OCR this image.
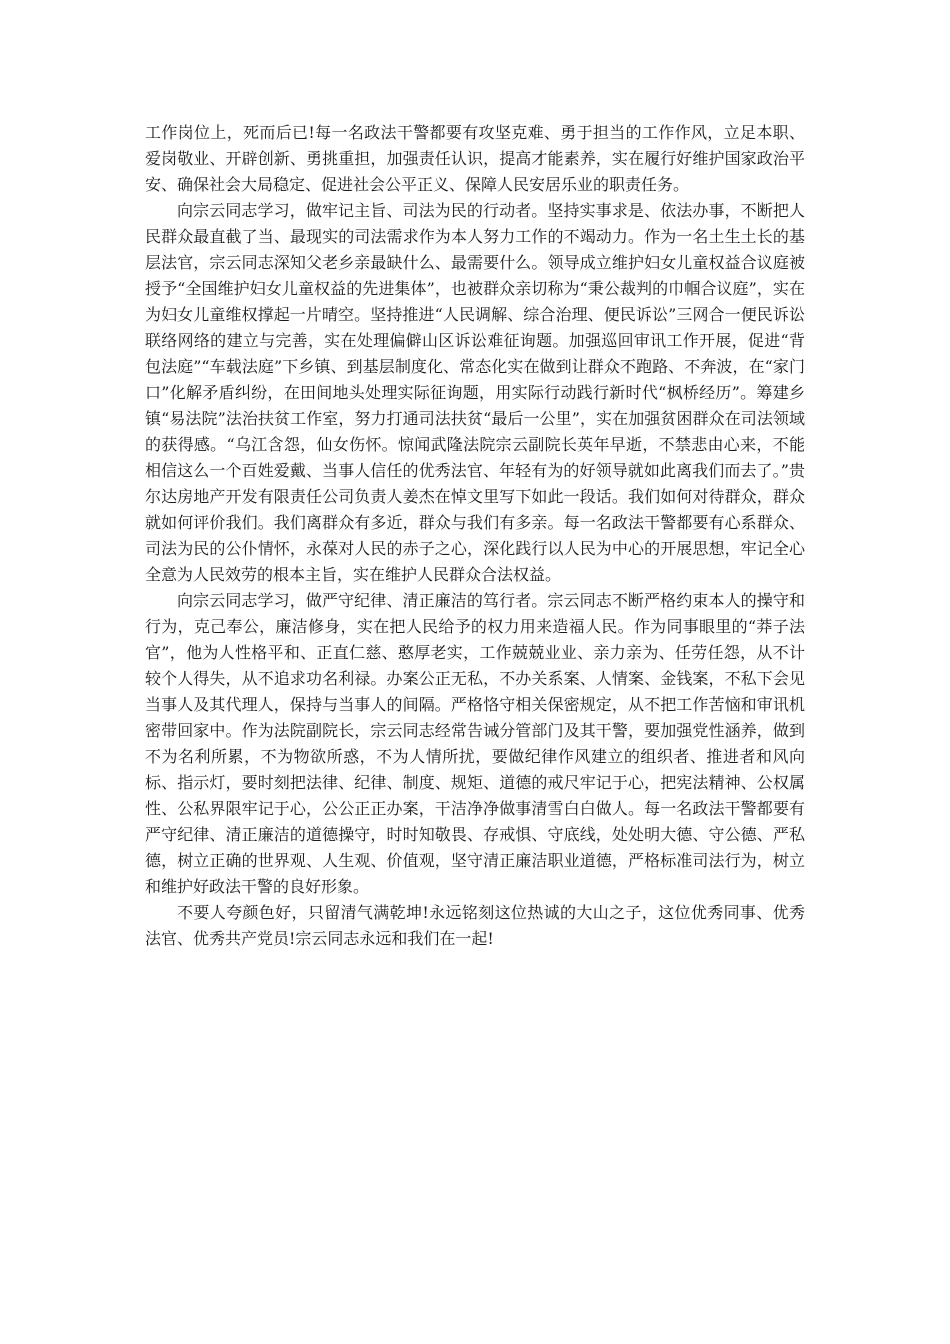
工作岗位上，死而后已!每一名政法干警都要有攻坚克难、勇于担当的工作作风，立足本职、爱岗敬业、开辟创新、勇挑重担，加强责任认识，提高才能素养，实在履行好维护国家政治平安、确保社会大局稳定、促进社会公平正义、保障人民安居乐业的职责任务。

向宗云同志学习，做牢记主旨、司法为民的行动者。坚持实事求是、依法办事，不断把人民群众最直截了当、最现实的司法需求作为本人努力工作的不竭动力。作为一名土生土长的基层法官，宗云同志深知父老乡亲最缺什么、最需要什么。领导成立维护妇女儿童权益合议庭被授予“全国维护妇女儿童权益的先进集体”，也被群众亲切称为“秉公裁判的巾帼合议庭”，实在为妇女儿童维权撑起一片晴空。坚持推进“人民调解、综合治理、便民诉讼”三网合一便民诉讼联络网络的建立与完善，实在处理偏僻山区诉讼难征询题。加强巡回审讯工作开展，促进“背包法庭”“车载法庭”下乡镇、到基层制度化、常态化实在做到让群众不跑路、不奔波，在“家门口”化解矛盾纠纷，在田间地头处理实际征询题，用实际行动践行新时代“枫桥经历”。筹建乡镇“易法院”法治扶贫工作室，努力打通司法扶贫“最后一公里”，实在加强贫困群众在司法领域的获得感。“乌江含怨，仙女伤怀。惊闻武隆法院宗云副院长英年早逝，不禁悲由心来，不能相信这么一个百姓爱戴、当事人信任的优秀法官、年轻有为的好领导就如此离我们而去了。”贵尔达房地产开发有限责任公司负责人姜杰在悼文里写下如此一段话。我们如何对待群众，群众就如何评价我们。我们离群众有多近，群众与我们有多亲。每一名政法干警都要有心系群众、司法为民的公仆情怀，永葆对人民的赤子之心，深化践行以人民为中心的开展思想，牢记全心全意为人民效劳的根本主旨，实在维护人民群众合法权益。

向宗云同志学习，做严守纪律、清正廉洁的笃行者。宗云同志不断严格约束本人的操守和行为，克己奉公，廉洁修身，实在把人民给予的权力用来造福人民。作为同事眼里的“莽子法官”，他为人性格平和、正直仁慈、憨厚老实，工作兢兢业业、亲力亲为、任劳任怨，从不计较个人得失，从不追求功名利禄。办案公正无私，不办关系案、人情案、金钱案，不私下会见当事人及其代理人，保持与当事人的间隔。严格恪守相关保密规定，从不把工作苦恼和审讯机密带回家中。作为法院副院长，宗云同志经常告诫分管部门及其干警，要加强党性涵养，做到不为名利所累，不为物欲所惑，不为人情所扰，要做纪律作风建立的组织者、推进者和风向标、指示灯，要时刻把法律、纪律、制度、规矩、道德的戒尺牢记于心，把宪法精神、公权属性、公私界限牢记于心，公公正正办案，干洁净净做事清雪白白做人。每一名政法干警都要有严守纪律、清正廉洁的道德操守，时时知敬畏、存戒惧、守底线，处处明大德、守公德、严私德，树立正确的世界观、人生观、价值观，坚守清正廉洁职业道德，严格标准司法行为，树立和维护好政法干警的良好形象。

不要人夸颜色好，只留清气满乾坤!永远铭刻这位热诚的大山之子，这位优秀同事、优秀法官、优秀共产党员!宗云同志永远和我们在一起!
